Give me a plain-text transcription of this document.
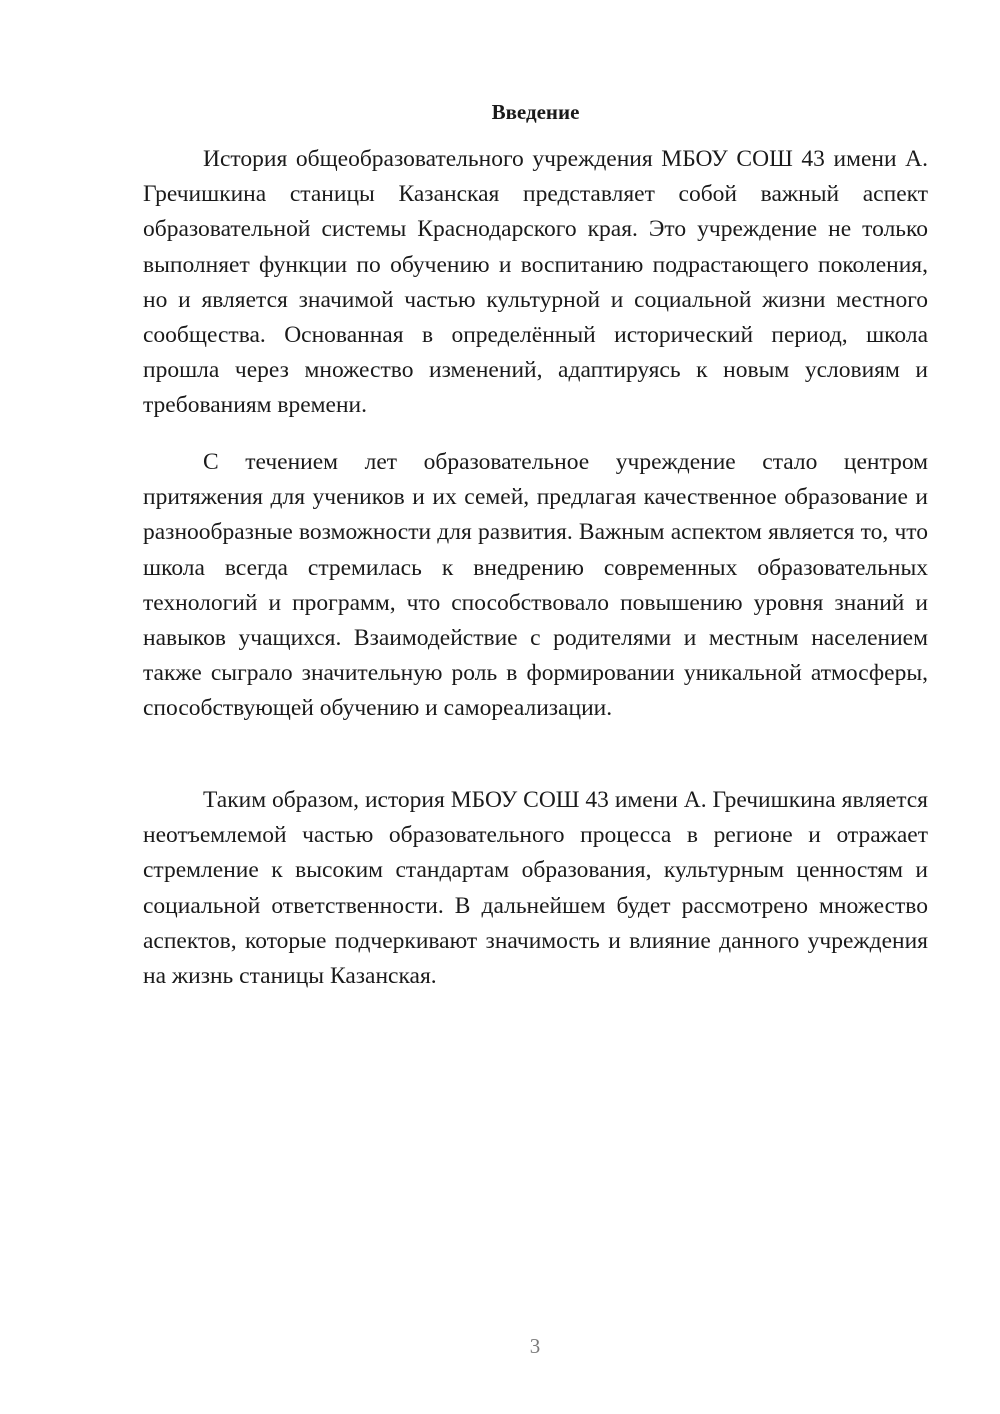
Введение

История общеобразовательного учреждения МБОУ СОШ 43 имени А. Гречишкина станицы Казанская представляет собой важный аспект образовательной системы Краснодарского края. Это учреждение не только выполняет функции по обучению и воспитанию подрастающего поколения, но и является значимой частью культурной и социальной жизни местного сообщества. Основанная в определённый исторический период, школа прошла через множество изменений, адаптируясь к новым условиям и требованиям времени.

С течением лет образовательное учреждение стало центром притяжения для учеников и их семей, предлагая качественное образование и разнообразные возможности для развития. Важным аспектом является то, что школа всегда стремилась к внедрению современных образовательных технологий и программ, что способствовало повышению уровня знаний и навыков учащихся. Взаимодействие с родителями и местным населением также сыграло значительную роль в формировании уникальной атмосферы, способствующей обучению и самореализации.

Таким образом, история МБОУ СОШ 43 имени А. Гречишкина является неотъемлемой частью образовательного процесса в регионе и отражает стремление к высоким стандартам образования, культурным ценностям и социальной ответственности. В дальнейшем будет рассмотрено множество аспектов, которые подчеркивают значимость и влияние данного учреждения на жизнь станицы Казанская.

3
